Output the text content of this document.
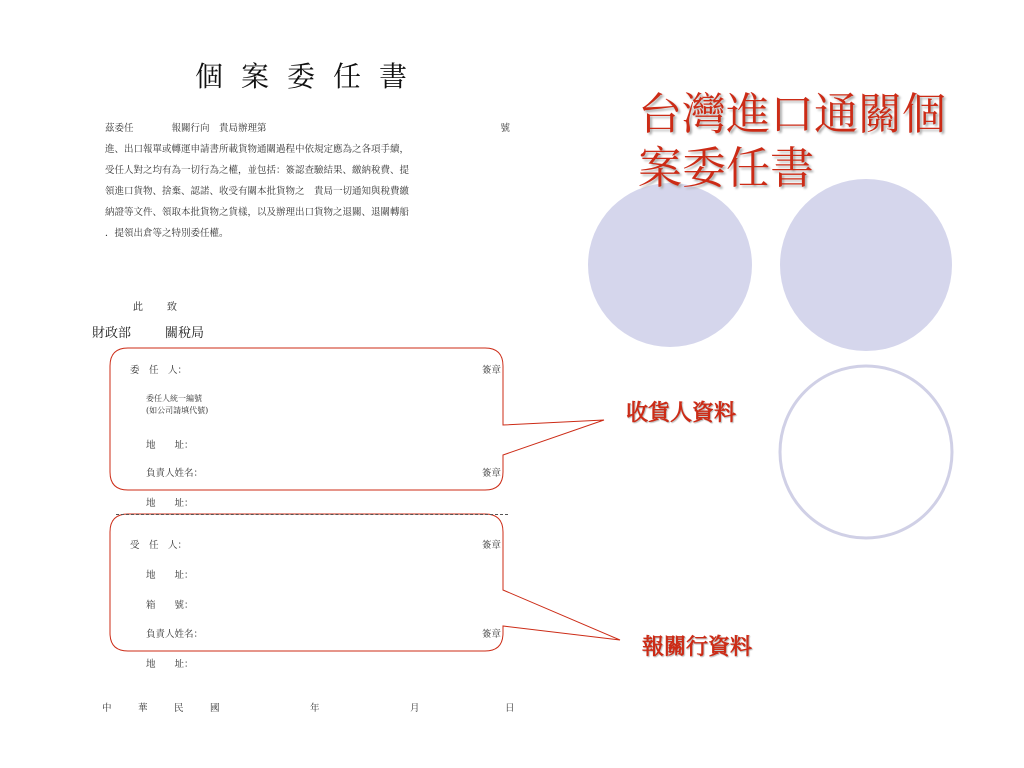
個案委任書
茲委任　　　　報關行向　貴局辦理第	號
進、出口報單或轉運申請書所載貨物通關過程中依規定應為之各項手續，
受任人對之均有為一切行為之權，並包括：簽認查驗結果、繳納稅費、提
領進口貨物、捨棄、認諾、收受有關本批貨物之　貴局一切通知與稅費繳
納證等文件、領取本批貨物之貨樣，以及辦理出口貨物之退關、退關轉船
．提領出倉等之特別委任權。
此致
財政部	關稅局
委　任　人：	簽章
委任人統一編號
(如公司請填代號)
地　　址：
負責人姓名：	簽章
地　　址：
受　任　人：	簽章
地　　址：
箱　　號：
負責人姓名：	簽章
地　　址：
中	華	民	國	年	月	日
台灣進口通關個案委任書
收貨人資料
報關行資料
